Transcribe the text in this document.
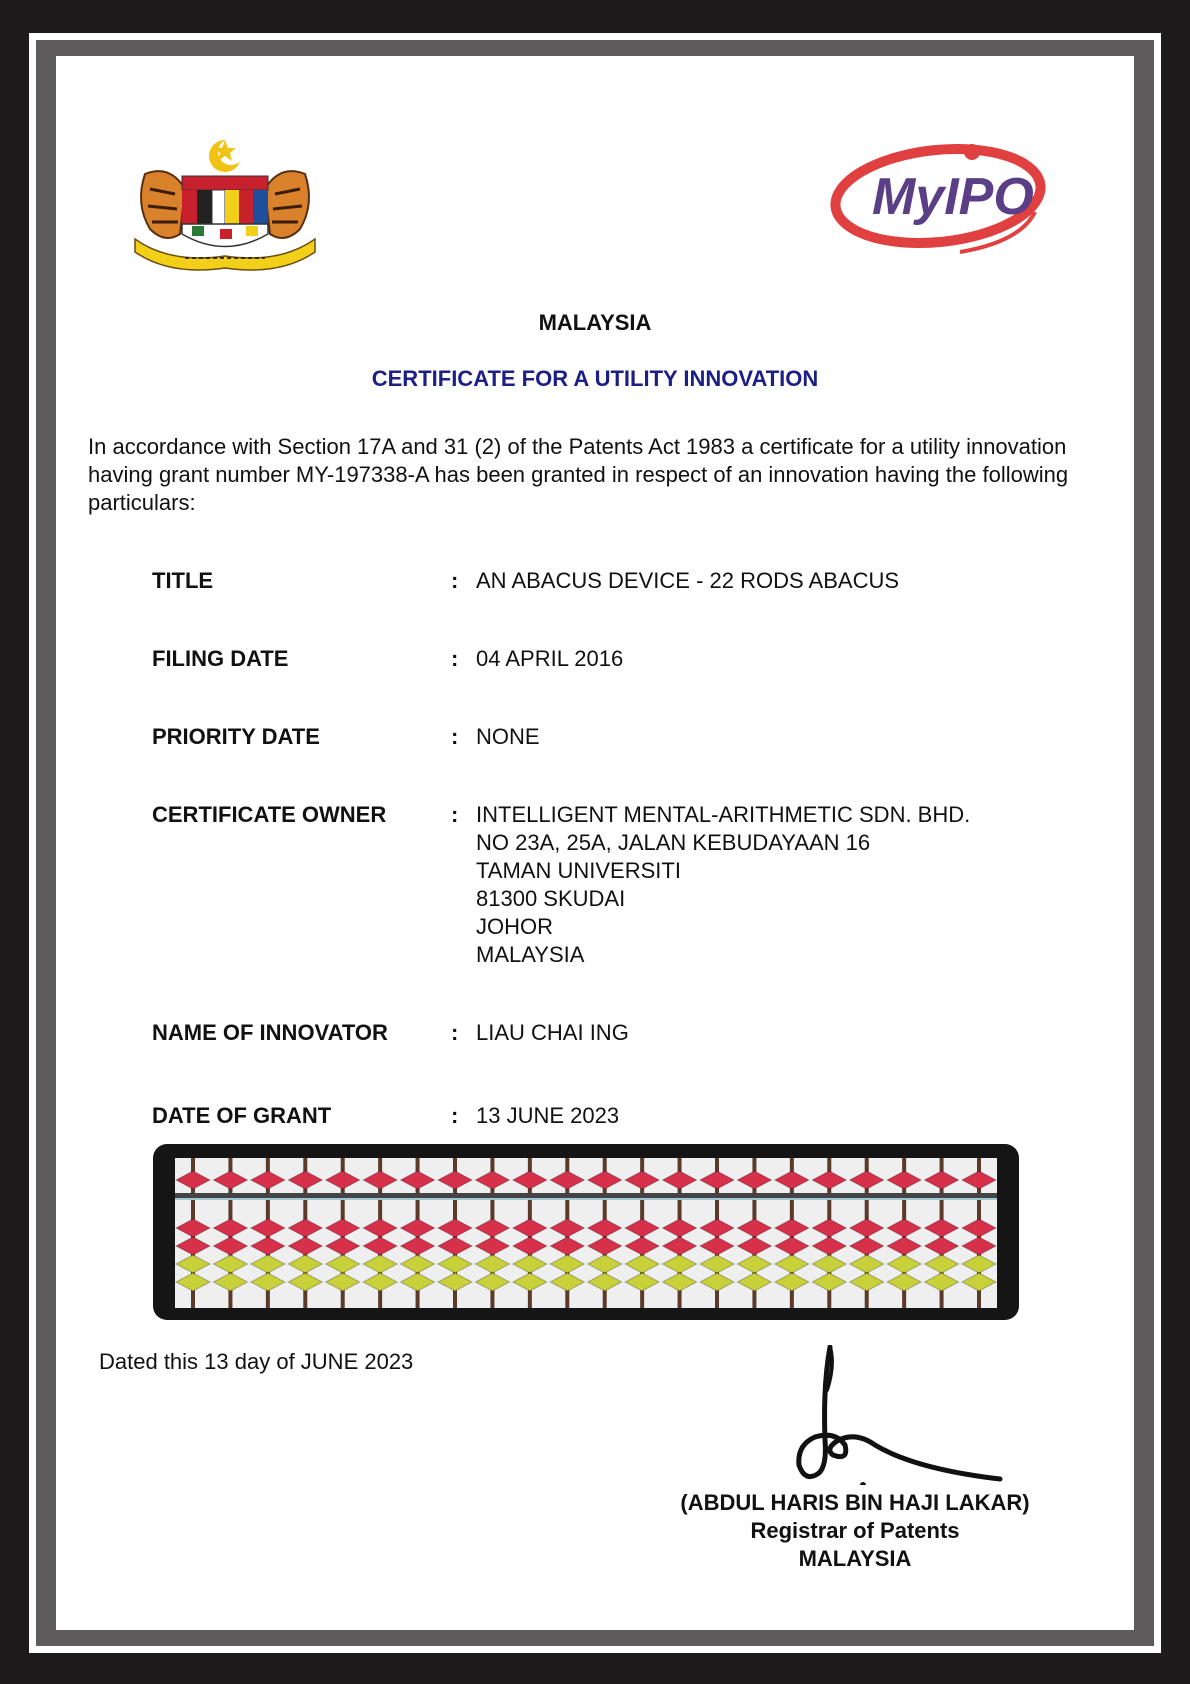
MyIPO
MALAYSIA
CERTIFICATE FOR A UTILITY INNOVATION
In accordance with Section 17A and 31 (2) of the Patents Act 1983 a certificate for a utility innovation having grant number MY-197338-A has been granted in respect of an innovation having the following particulars:
TITLE	: AN ABACUS DEVICE - 22 RODS ABACUS
FILING DATE	: 04 APRIL 2016
PRIORITY DATE	: NONE
CERTIFICATE OWNER	: INTELLIGENT MENTAL-ARITHMETIC SDN. BHD.
NO 23A, 25A, JALAN KEBUDAYAAN 16
TAMAN UNIVERSITI
81300 SKUDAI
JOHOR
MALAYSIA
NAME OF INNOVATOR	: LIAU CHAI ING
DATE OF GRANT	: 13 JUNE 2023
Dated this 13 day of JUNE 2023
(ABDUL HARIS BIN HAJI LAKAR)
Registrar of Patents
MALAYSIA
